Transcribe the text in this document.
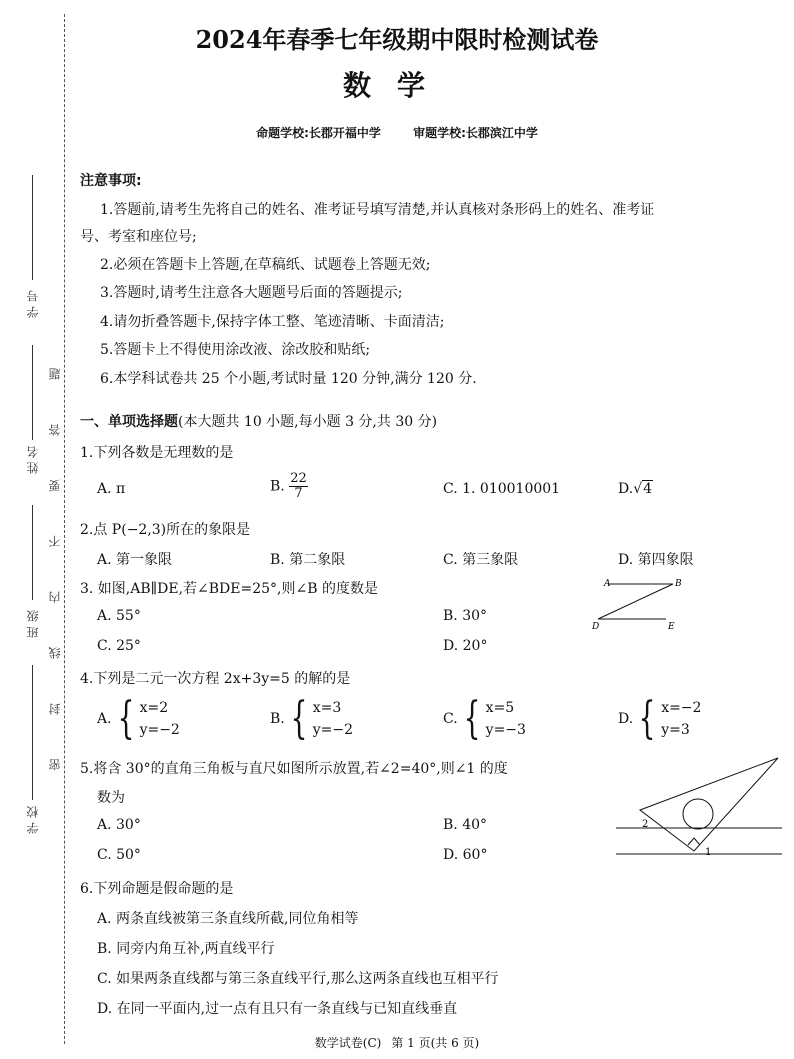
学 号
姓 名
班 级
学 校
密 封 线 内 不 要 答 题
2024年春季七年级期中限时检测试卷
数学
命题学校:长郡开福中学	审题学校:长郡滨江中学
注意事项:
1.答题前,请考生先将自己的姓名、准考证号填写清楚,并认真核对条形码上的姓名、准考证
号、考室和座位号;
2.必须在答题卡上答题,在草稿纸、试题卷上答题无效;
3.答题时,请考生注意各大题题号后面的答题提示;
4.请勿折叠答题卡,保持字体工整、笔迹清晰、卡面清洁;
5.答题卡上不得使用涂改液、涂改胶和贴纸;
6.本学科试卷共 25 个小题,考试时量 120 分钟,满分 120 分.
一、单项选择题(本大题共 10 小题,每小题 3 分,共 30 分)
1.下列各数是无理数的是
A. π	B. $\frac{22}{7}$	C. 1. 010010001	D.√4
2.点 P(−2,3)所在的象限是
A. 第一象限	B. 第二象限	C. 第三象限	D. 第四象限
3. 如图,AB∥DE,若∠BDE=25°,则∠B 的度数是
A. 55°	B. 30°
C. 25°	D. 20°
A	B
D	E
4.下列是二元一次方程 2x+3y=5 的解的是
A. { x=2
y=−2
B. { x=3
y=−2
C. { x=5
y=−3
D. { x=−2
y=3
5.将含 30°的直角三角板与直尺如图所示放置,若∠2=40°,则∠1 的度
数为
A. 30°	B. 40°
C. 50°	D. 60°
2
1
6.下列命题是假命题的是
A. 两条直线被第三条直线所截,同位角相等
B. 同旁内角互补,两直线平行
C. 如果两条直线都与第三条直线平行,那么这两条直线也互相平行
D. 在同一平面内,过一点有且只有一条直线与已知直线垂直
数学试卷(C) 第 1 页(共 6 页)
